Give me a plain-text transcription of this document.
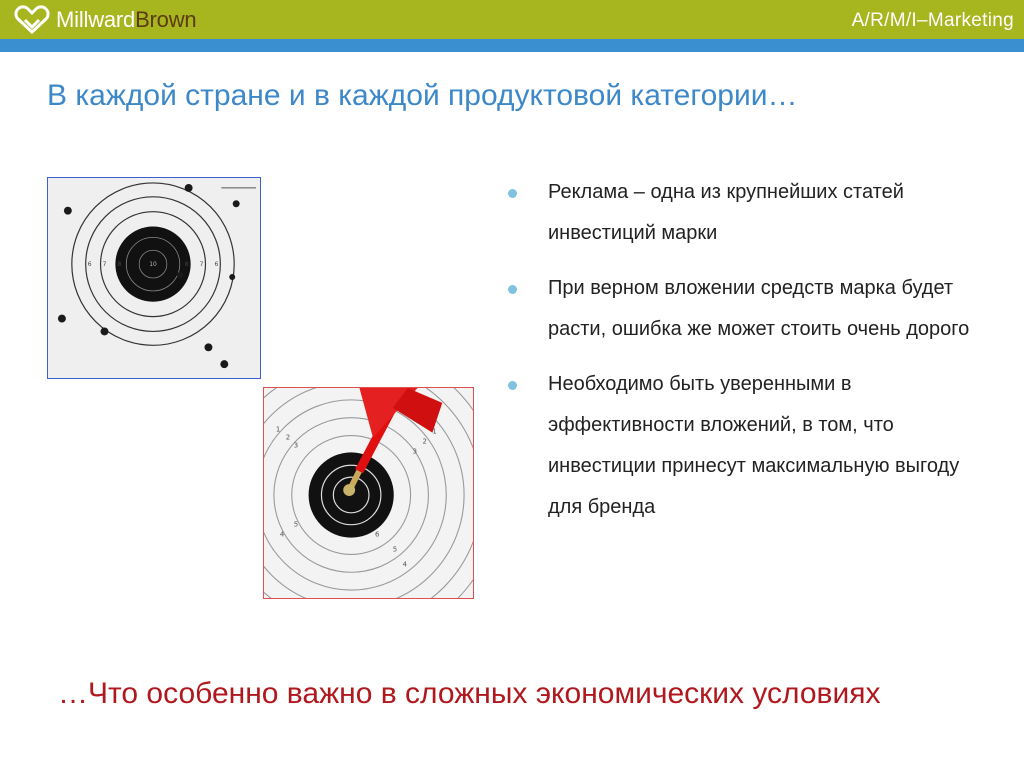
MillwardBrown	A/R/M/I–Marketing
В каждой стране и в каждой продуктовой категории…
6 7 8	10	8 7 6
1
2
3
3
2
1
5
4	6
5
4
Реклама – одна из крупнейших статей инвестиций марки
При верном вложении средств марка будет расти, ошибка же может стоить очень дорого
Необходимо быть уверенными в эффективности вложений, в том, что инвестиции принесут максимальную выгоду для бренда
…Что особенно важно в сложных экономических условиях
